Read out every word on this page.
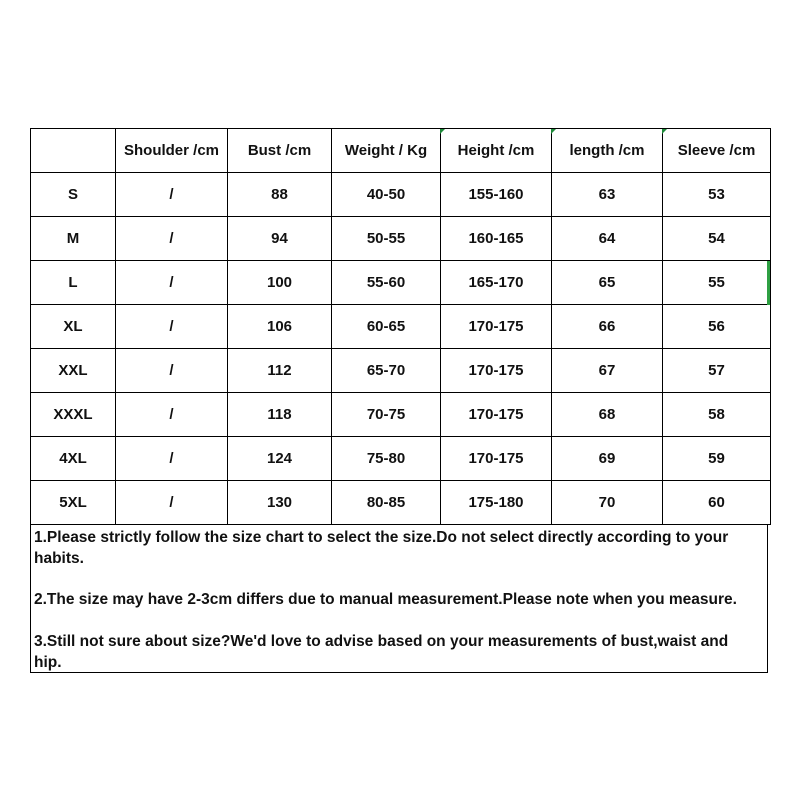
	Shoulder /cm	Bust /cm	Weight / Kg	Height /cm	length /cm	Sleeve /cm
S	/	88	40-50	155-160	63	53
M	/	94	50-55	160-165	64	54
L	/	100	55-60	165-170	65	55
XL	/	106	60-65	170-175	66	56
XXL	/	112	65-70	170-175	67	57
XXXL	/	118	70-75	170-175	68	58
4XL	/	124	75-80	170-175	69	59
5XL	/	130	80-85	175-180	70	60

1.Please strictly follow the size chart to select the size.Do not select directly according to your habits.

2.The size may have 2-3cm differs due to manual measurement.Please note when you measure.

3.Still not sure about size?We'd love to advise based on your measurements of bust,waist and hip.
